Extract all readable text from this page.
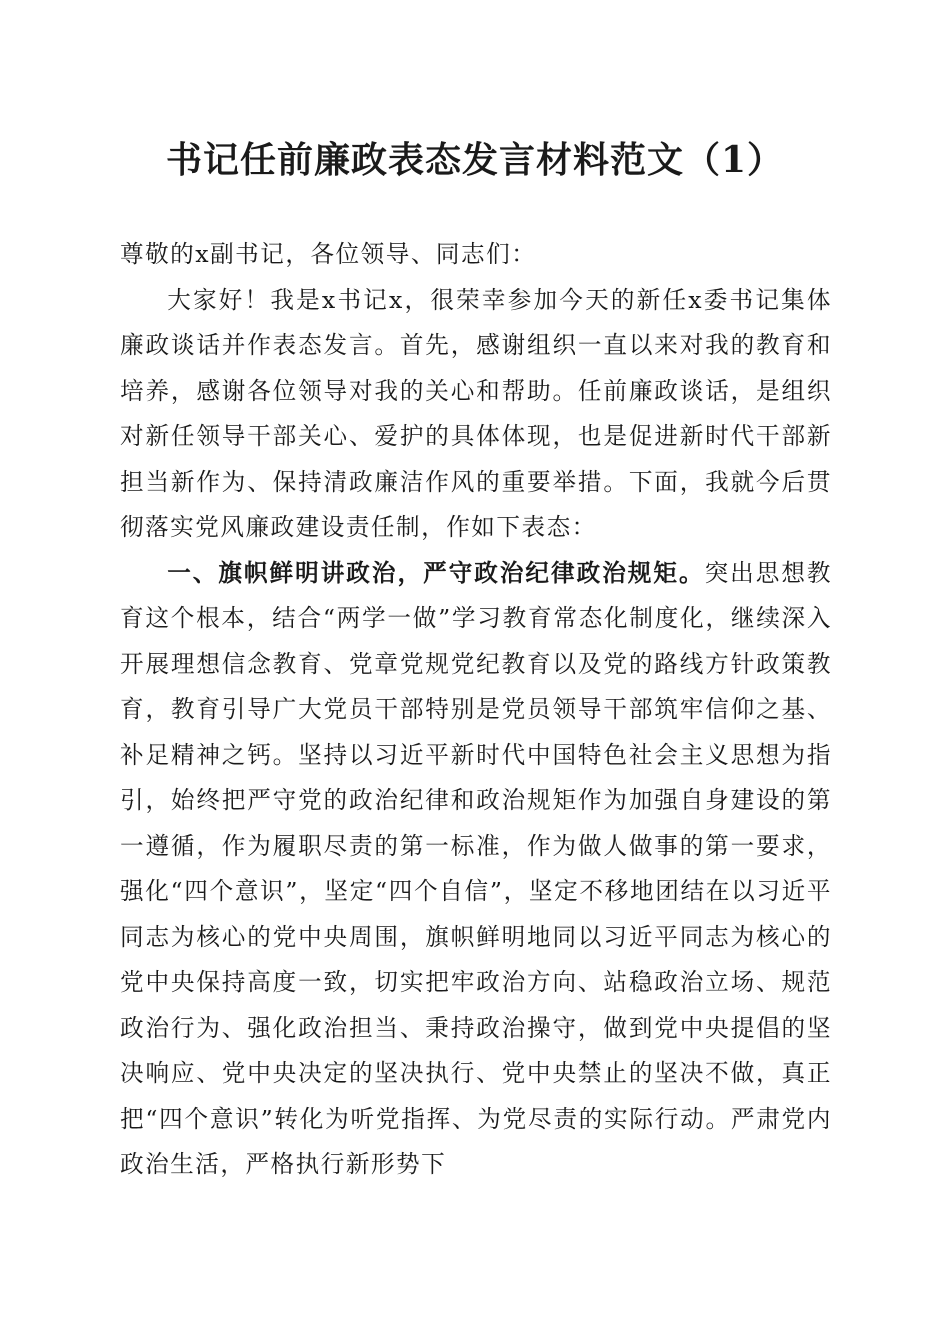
书记任前廉政表态发言材料范文（1）

尊敬的x副书记，各位领导、同志们：

大家好！我是x书记x，很荣幸参加今天的新任x委书记集体廉政谈话并作表态发言。首先，感谢组织一直以来对我的教育和培养，感谢各位领导对我的关心和帮助。任前廉政谈话，是组织对新任领导干部关心、爱护的具体体现，也是促进新时代干部新担当新作为、保持清政廉洁作风的重要举措。下面，我就今后贯彻落实党风廉政建设责任制，作如下表态：

一、旗帜鲜明讲政治，严守政治纪律政治规矩。突出思想教育这个根本，结合“两学一做”学习教育常态化制度化，继续深入开展理想信念教育、党章党规党纪教育以及党的路线方针政策教育，教育引导广大党员干部特别是党员领导干部筑牢信仰之基、补足精神之钙。坚持以习近平新时代中国特色社会主义思想为指引，始终把严守党的政治纪律和政治规矩作为加强自身建设的第一遵循，作为履职尽责的第一标准，作为做人做事的第一要求，强化“四个意识”，坚定“四个自信”，坚定不移地团结在以习近平同志为核心的党中央周围，旗帜鲜明地同以习近平同志为核心的党中央保持高度一致，切实把牢政治方向、站稳政治立场、规范政治行为、强化政治担当、秉持政治操守，做到党中央提倡的坚决响应、党中央决定的坚决执行、党中央禁止的坚决不做，真正把“四个意识”转化为听党指挥、为党尽责的实际行动。严肃党内政治生活，严格执行新形势下
